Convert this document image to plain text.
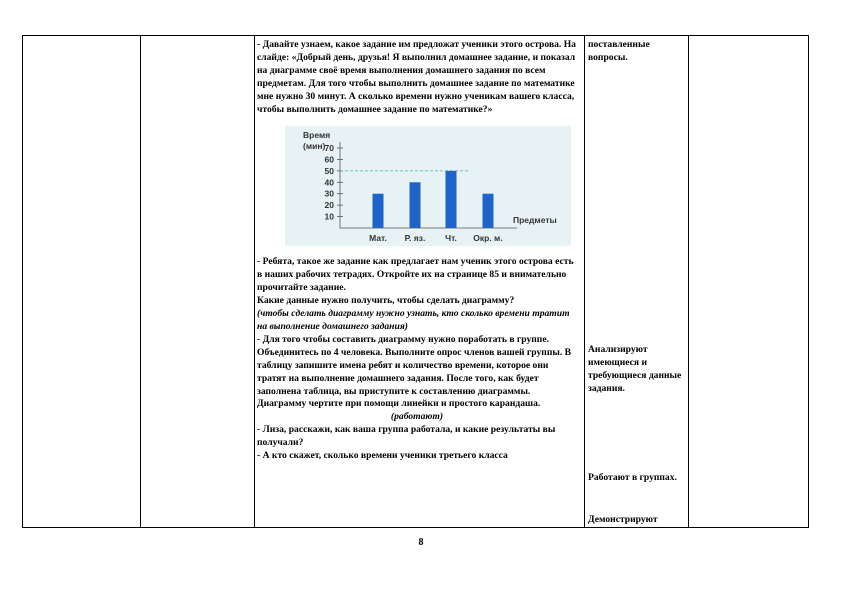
- Давайте узнаем, какое задание им предложат ученики этого острова. На слайде: «Добрый день, друзья! Я выполнил домашнее задание, и показал на диаграмме своё время выполнения домашнего задания по всем предметам. Для того чтобы выполнить домашнее задание по математике мне нужно 30 минут. А сколько времени нужно ученикам вашего класса, чтобы выполнить домашнее задание по математике?»

Время
(мин)
10
20
30
40
50
60
70
Мат. Р. яз. Чт. Окр. м.
Предметы

- Ребята, такое же задание как предлагает нам ученик этого острова есть в наших рабочих тетрадях. Откройте их на странице 85 и внимательно прочитайте задание.

Какие данные нужно получить, чтобы сделать диаграмму?

(чтобы сделать диаграмму нужно узнать, кто сколько времени тратит на выполнение домашнего задания)

- Для того чтобы составить диаграмму нужно поработать в группе. Объединитесь по 4 человека. Выполните опрос членов вашей группы. В таблицу запишите имена ребят и количество времени, которое они тратят на выполнение домашнего задания. После того, как будет заполнена таблица, вы приступите к составлению диаграммы. Диаграмму чертите при помощи линейки и простого карандаша.

(работают)

- Лиза, расскажи, как ваша группа работала, и какие результаты вы получали?

- А кто скажет, сколько времени ученики третьего класса

поставленные вопросы.
Анализируют имеющиеся и требующиеся данные задания.
Работают в группах.
Демонстрируют
8
